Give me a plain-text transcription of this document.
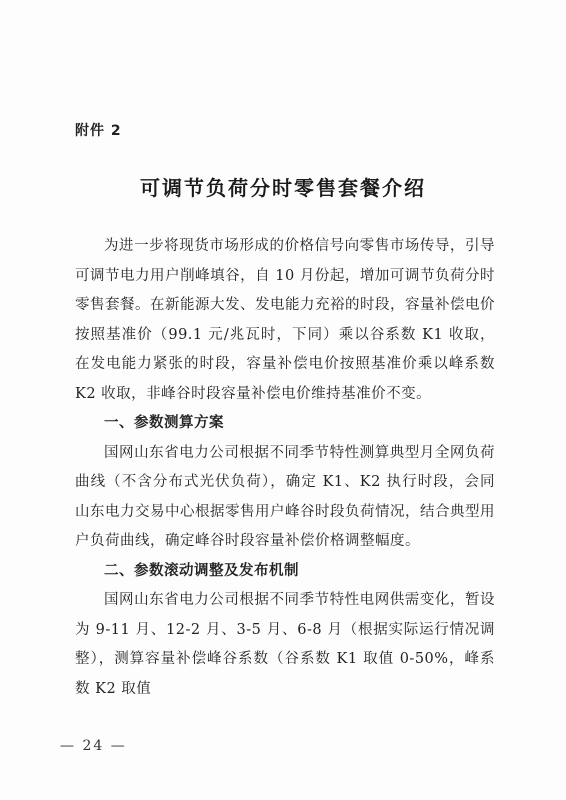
附件 2
可调节负荷分时零售套餐介绍

为进一步将现货市场形成的价格信号向零售市场传导，引导可调节电力用户削峰填谷，自 10 月份起，增加可调节负荷分时零售套餐。在新能源大发、发电能力充裕的时段，容量补偿电价按照基准价（99.1 元/兆瓦时，下同）乘以谷系数 K1 收取，在发电能力紧张的时段，容量补偿电价按照基准价乘以峰系数 K2 收取，非峰谷时段容量补偿电价维持基准价不变。

一、参数测算方案

国网山东省电力公司根据不同季节特性测算典型月全网负荷曲线（不含分布式光伏负荷），确定 K1、K2 执行时段，会同山东电力交易中心根据零售用户峰谷时段负荷情况，结合典型用户负荷曲线，确定峰谷时段容量补偿价格调整幅度。

二、参数滚动调整及发布机制

国网山东省电力公司根据不同季节特性电网供需变化，暂设为 9-11 月、12-2 月、3-5 月、6-8 月（根据实际运行情况调整），测算容量补偿峰谷系数（谷系数 K1 取值 0-50%，峰系数 K2 取值

— 24 —
